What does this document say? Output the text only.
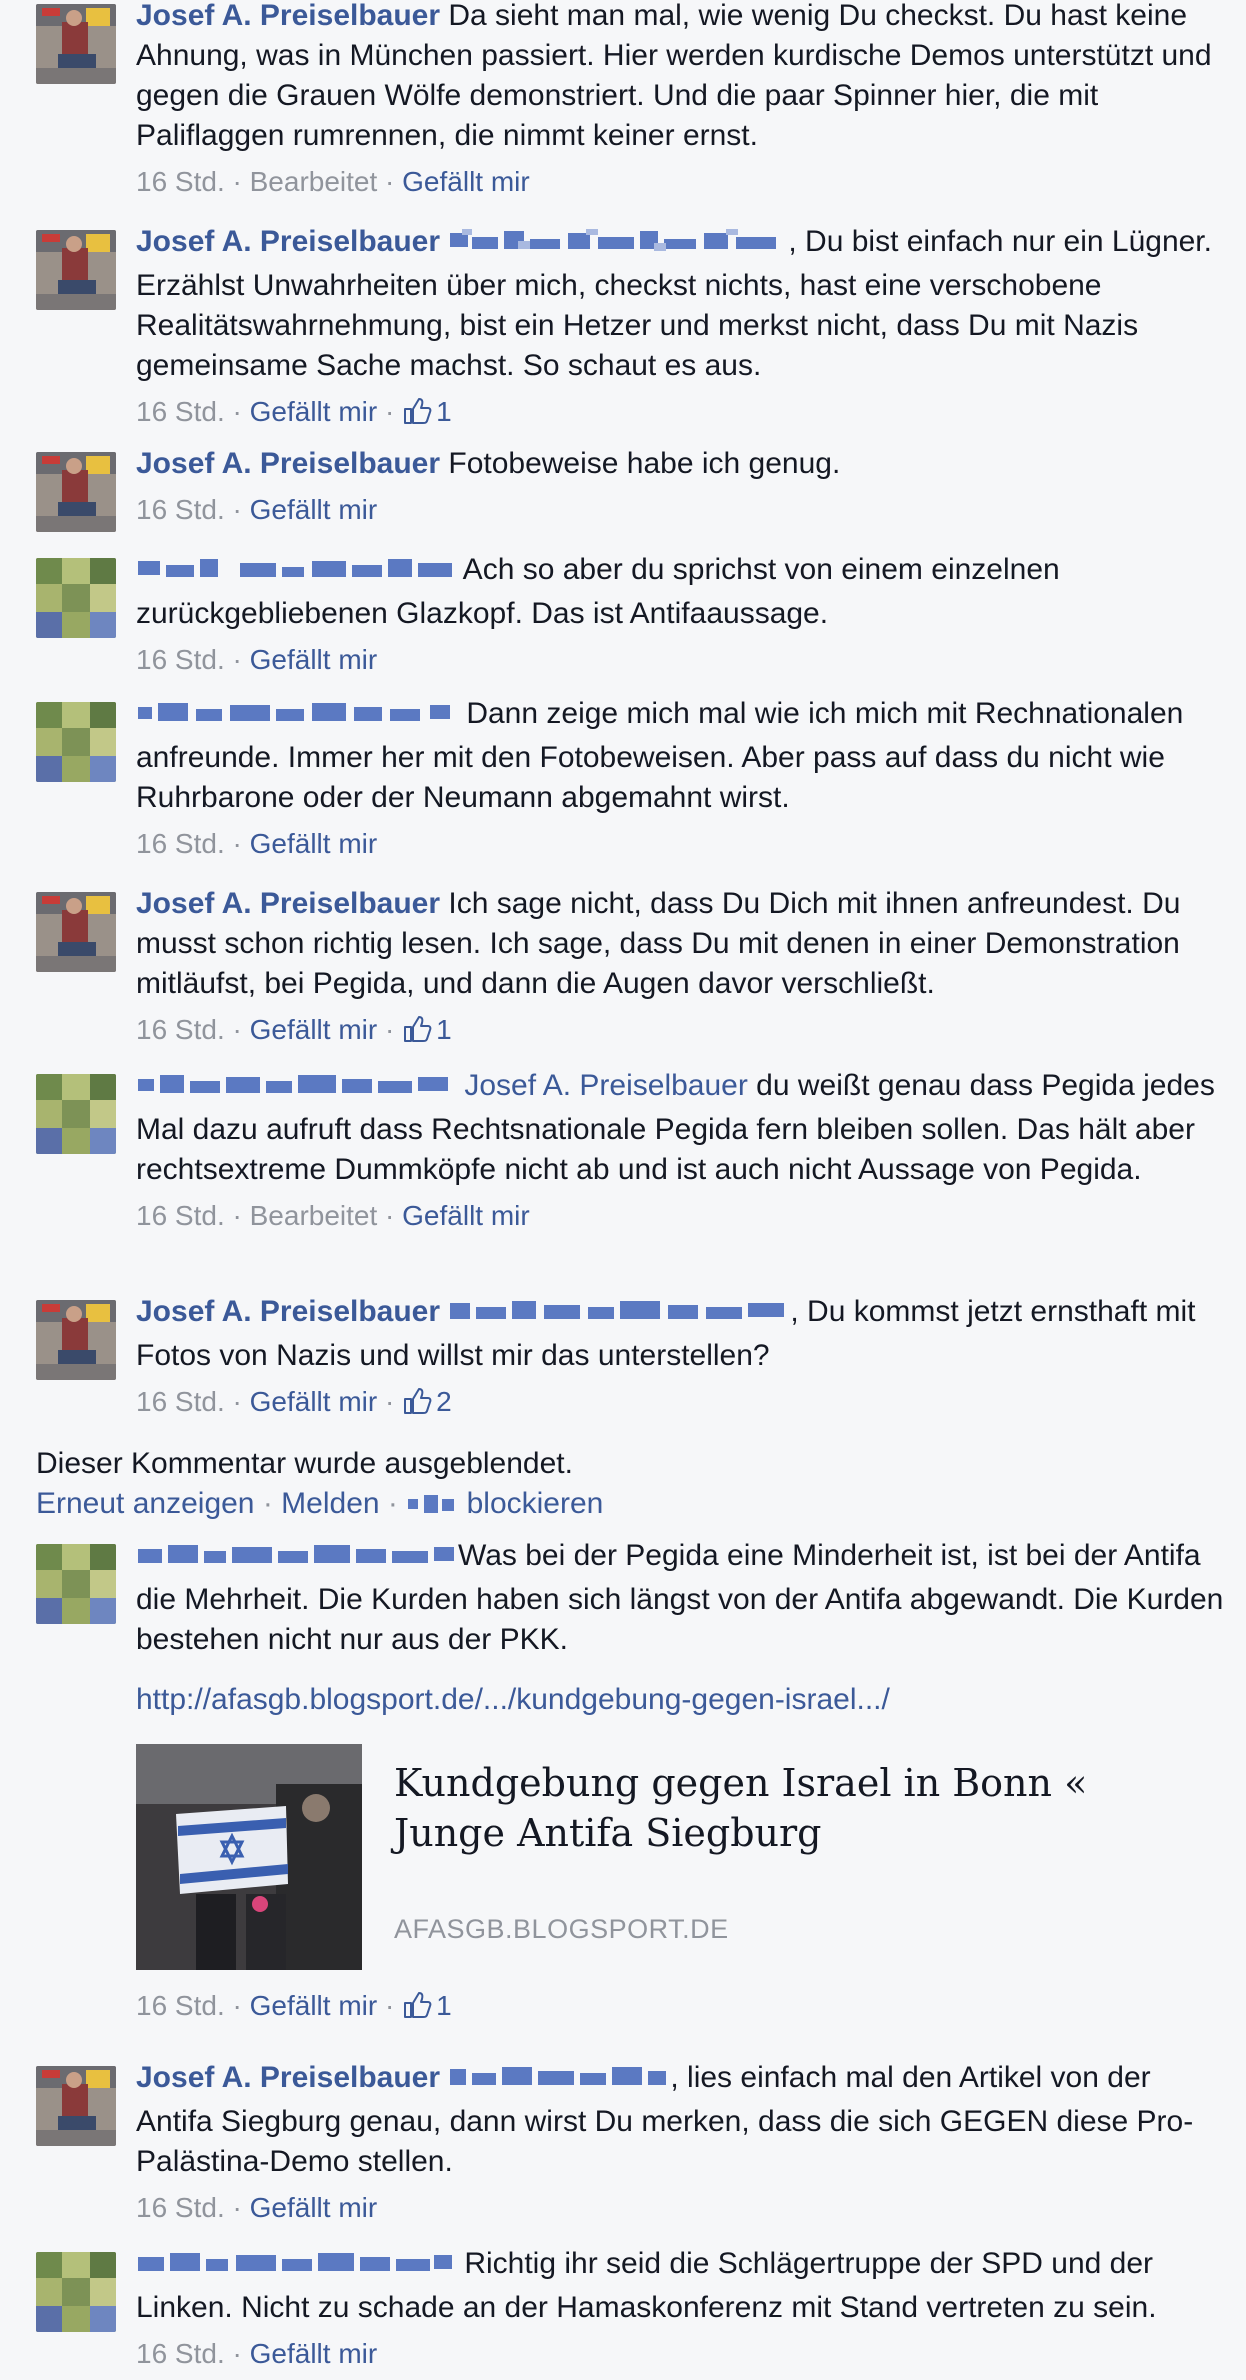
Josef A. Preiselbauer Da sieht man mal, wie wenig Du checkst. Du hast keine Ahnung, was in München passiert. Hier werden kurdische Demos unterstützt und gegen die Grauen Wölfe demonstriert. Und die paar Spinner hier, die mit Paliflaggen rumrennen, die nimmt keiner ernst.

16 Std. · Bearbeitet · Gefällt mir

Josef A. Preiselbauer	, Du bist einfach nur ein Lügner. Erzählst Unwahrheiten über mich, checkst nichts, hast eine verschobene Realitätswahrnehmung, bist ein Hetzer und merkst nicht, dass Du mit Nazis gemeinsame Sache machst. So schaut es aus.

16 Std. · Gefällt mir · 1

Josef A. Preiselbauer Fotobeweise habe ich genug.

16 Std. · Gefällt mir

Ach so aber du sprichst von einem einzelnen zurückgebliebenen Glazkopf. Das ist Antifaaussage.

16 Std. · Gefällt mir

Dann zeige mich mal wie ich mich mit Rechnationalen anfreunde. Immer her mit den Fotobeweisen. Aber pass auf dass du nicht wie Ruhrbarone oder der Neumann abgemahnt wirst.

16 Std. · Gefällt mir

Josef A. Preiselbauer Ich sage nicht, dass Du Dich mit ihnen anfreundest. Du musst schon richtig lesen. Ich sage, dass Du mit denen in einer Demonstration mitläufst, bei Pegida, und dann die Augen davor verschließt.

16 Std. · Gefällt mir · 1

Josef A. Preiselbauer du weißt genau dass Pegida jedes Mal dazu aufruft dass Rechtsnationale Pegida fern bleiben sollen. Das hält aber rechtsextreme Dummköpfe nicht ab und ist auch nicht Aussage von Pegida.

16 Std. · Bearbeitet · Gefällt mir

Josef A. Preiselbauer	, Du kommst jetzt ernsthaft mit Fotos von Nazis und willst mir das unterstellen?

16 Std. · Gefällt mir · 2
Dieser Kommentar wurde ausgeblendet.
Erneut anzeigen · Melden ·  blockieren

Was bei der Pegida eine Minderheit ist, ist bei der Antifa die Mehrheit. Die Kurden haben sich längst von der Antifa abgewandt. Die Kurden bestehen nicht nur aus der PKK.

http://afasgb.blogsport.de/.../kundgebung-gegen-israel.../
Kundgebung gegen Israel in Bonn « Junge Antifa Siegburg
AFASGB.BLOGSPORT.DE
16 Std. · Gefällt mir · 1

Josef A. Preiselbauer	, lies einfach mal den Artikel von der Antifa Siegburg genau, dann wirst Du merken, dass die sich GEGEN diese Pro-Palästina-Demo stellen.

16 Std. · Gefällt mir

Richtig ihr seid die Schlägertruppe der SPD und der Linken. Nicht zu schade an der Hamaskonferenz mit Stand vertreten zu sein.

16 Std. · Gefällt mir
